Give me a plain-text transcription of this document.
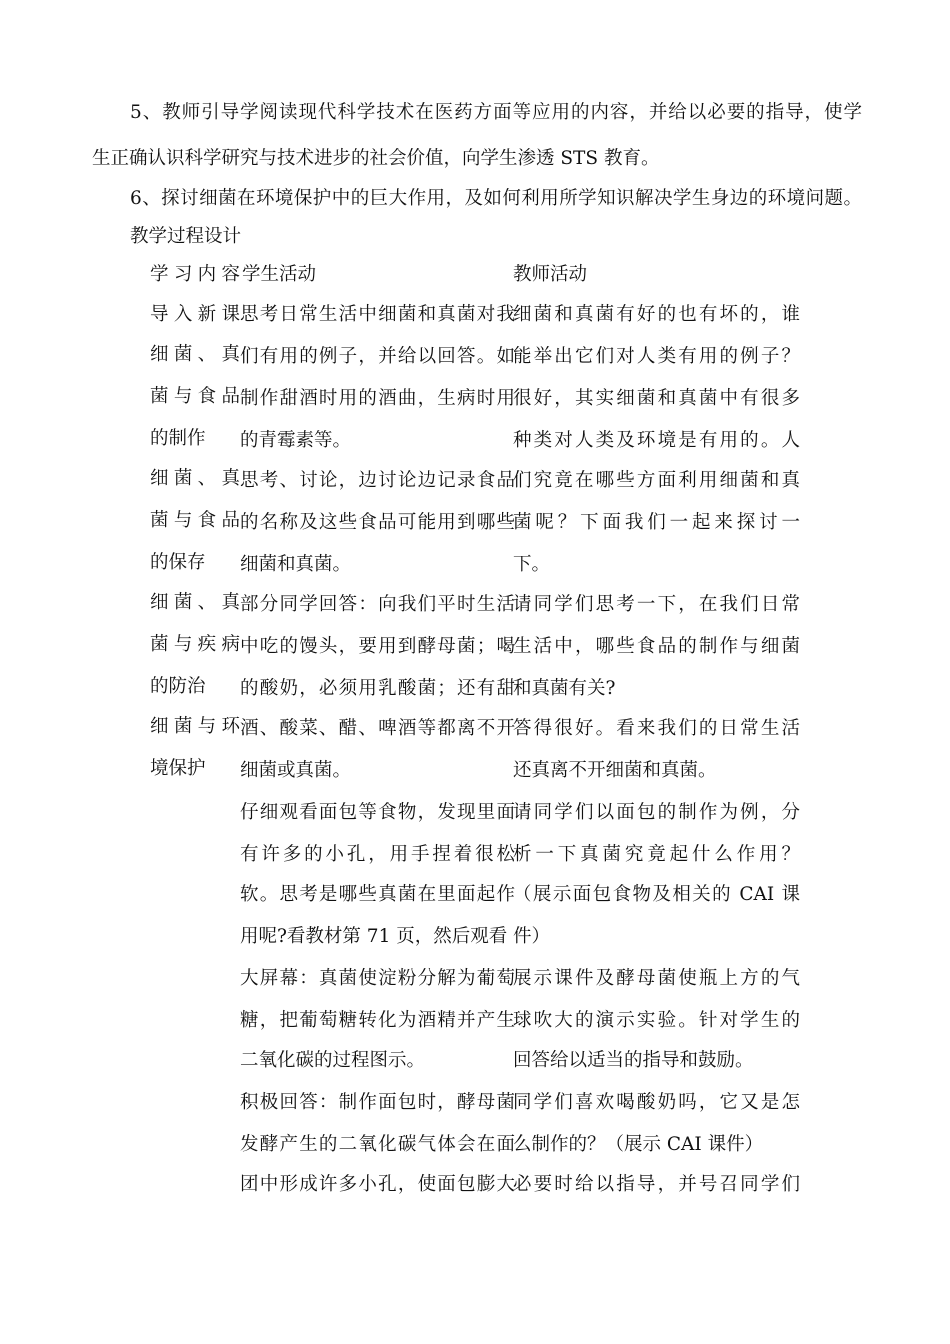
5、教师引导学阅读现代科学技术在医药方面等应用的内容，并给以必要的指导，使学
生正确认识科学研究与技术进步的社会价值，向学生渗透 STS 教育。
6、探讨细菌在环境保护中的巨大作用，及如何利用所学知识解决学生身边的环境问题。
教学过程设计
学习内容 学生活动	教师活动
导入新课
细菌、真
菌与食品
的制作
细菌、真
菌与食品
的保存
细菌、真
菌与疾病
的防治
细菌与环
境保护
思考日常生活中细菌和真菌对我
们有用的例子，并给以回答。如
制作甜酒时用的酒曲，生病时用
的青霉素等。
思考、讨论，边讨论边记录食品
的名称及这些食品可能用到哪些
细菌和真菌。
部分同学回答：向我们平时生活
中吃的馒头，要用到酵母菌；喝
的酸奶，必须用乳酸菌；还有甜
酒、酸菜、醋、啤酒等都离不开
细菌或真菌。
仔细观看面包等食物，发现里面
有许多的小孔，用手捏着很松
软。思考是哪些真菌在里面起作
用呢?看教材第 71 页，然后观看
大屏幕：真菌使淀粉分解为葡萄
糖，把葡萄糖转化为酒精并产生
二氧化碳的过程图示。
积极回答：制作面包时，酵母菌
发酵产生的二氧化碳气体会在面
团中形成许多小孔，使面包膨大
细菌和真菌有好的也有坏的，谁
能举出它们对人类有用的例子？
很好，其实细菌和真菌中有很多
种类对人类及环境是有用的。人
们究竟在哪些方面利用细菌和真
菌呢？下面我们一起来探讨一
下。
请同学们思考一下，在我们日常
生活中，哪些食品的制作与细菌
和真菌有关?
答得很好。看来我们的日常生活
还真离不开细菌和真菌。
请同学们以面包的制作为例，分
析一下真菌究竟起什么作用？
（展示面包食物及相关的 CAI 课
件）
展示课件及酵母菌使瓶上方的气
球吹大的演示实验。针对学生的
回答给以适当的指导和鼓励。
同学们喜欢喝酸奶吗，它又是怎
么制作的？（展示 CAI 课件）
必要时给以指导，并号召同学们
